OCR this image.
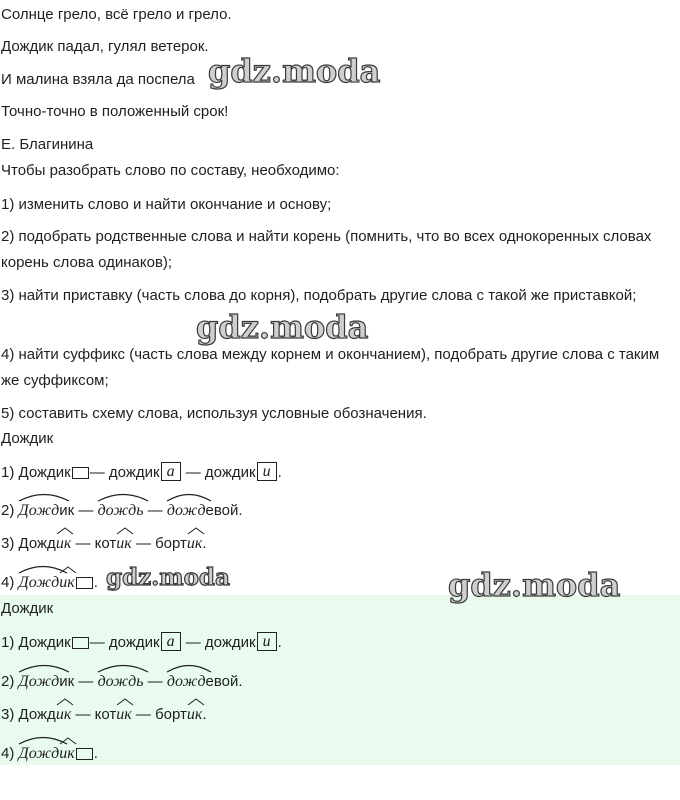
Солнце грело, всё грело и грело.
Дождик падал, гулял ветерок.
И малина взяла да поспела
Точно-точно в положенный срок!
Е. Благинина
Чтобы разобрать слово по составу, необходимо:
1) изменить слово и найти окончание и основу;
2) подобрать родственные слова и найти корень (помнить, что во всех однокоренных словах корень слова одинаков);
3) найти приставку (часть слова до корня), подобрать другие слова с такой же приставкой;
4) найти суффикс (часть слова между корнем и окончанием), подобрать другие слова с таким же суффиксом;
5) составить схему слова, используя условные обозначения.
Дождик
1) Дождик — дождик а — дождик и .
2) Дождик —
дождь —
дождевой.
3) Дожд
ик — кот
ик — борт
ик.
4) Дожд
ик .
Дождик
1) Дождик — дождик а — дождик и .
2) Дождик —
дождь —
дождевой.
3) Дожд
ик — кот
ик — борт
ик.
4) Дожд
ик .
gdz.moda
gdz.moda
gdz.moda	gdz.moda
